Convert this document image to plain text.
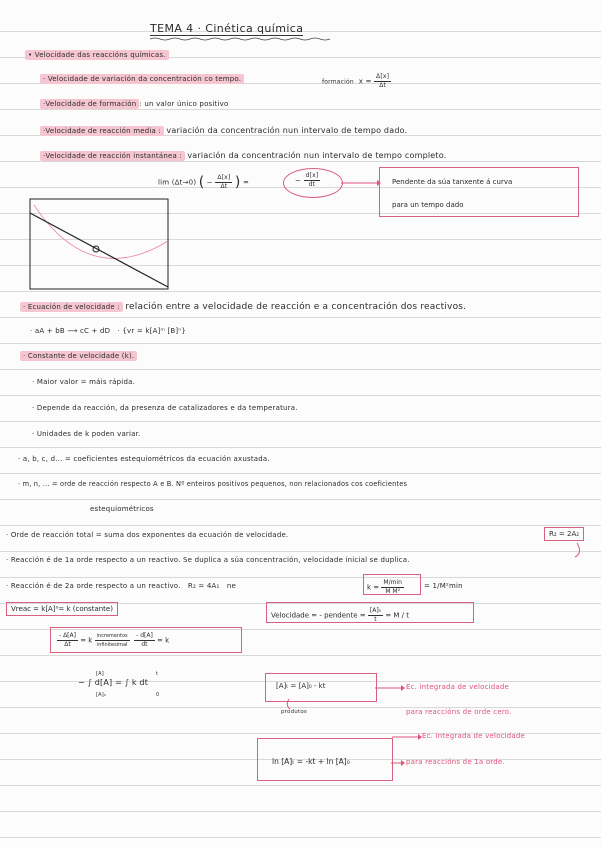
TEMA 4 · Cinética química
• Velocidade das reaccións químicas.
· Velocidade de variación da concentración co tempo.	formación $x = \frac{\Delta[x]}{\Delta t}$
·Velocidade de formación : un valor único positivo
·Velocidade de reacción media : variación da concentración nun intervalo de tempo dado.
·Velocidade de reacción instantánea : variación da concentración nun intervalo de tempo completo.
lim (Δt→0) ( − $\frac{\Delta[x]}{\Delta t}$ ) =	− $\frac{d[x]}{dt}$	Pendente da súa tanxente á curva
para un tempo dado
· Ecuación de velocidade : relación entre a velocidade de reacción e a concentración dos reactivos.
· aA + bB ⟶ cC + dD · {vr = k[A]ᵐ [B]ⁿ}
· Constante de velocidade (k).
· Maior valor = máis rápida.
· Depende da reacción, da presenza de catalizadores e da temperatura.
· Unidades de k poden variar.
· a, b, c, d... = coeficientes estequiométricos da ecuación axustada.
· m, n, ... = orde de reacción respecto A e B. Nº enteiros positivos pequenos, non relacionados cos coeficientes
estequiométricos
· Orde de reacción total = suma dos exponentes da ecuación de velocidade.	R₂ = 2A₂
· Reacción é de 1a orde respecto a un reactivo. Se duplica a súa concentración, velocidade inicial se duplica.
· Reacción é de 2a orde respecto a un reactivo. R₂ = 4A₁ ne	$k = \frac{M/\min}{\text{M M²}}$	= 1/M²min
Vreac = k[A]⁰= k (constante)
Velocidade = - pendente = $\frac{\text{[A]₀}}{t} = M / t$
$\frac{- \Delta[A]}{\Delta t} = k \frac{\text{incrementos}}{\text{infinitesimal}}$
$\frac{- d[A]}{dt} = k$
− ∫ d[A] = ∫ k dt
[A]
[A]₀
t
0
[A]ₜ = [A]₀ - kt
produtos
Ec. integrada de velocidade
para reaccións de orde cero.
Ec. integrada de velocidade
ln [A]ₜ = -kt + ln [A]₀	para reaccións de 1a orde.
